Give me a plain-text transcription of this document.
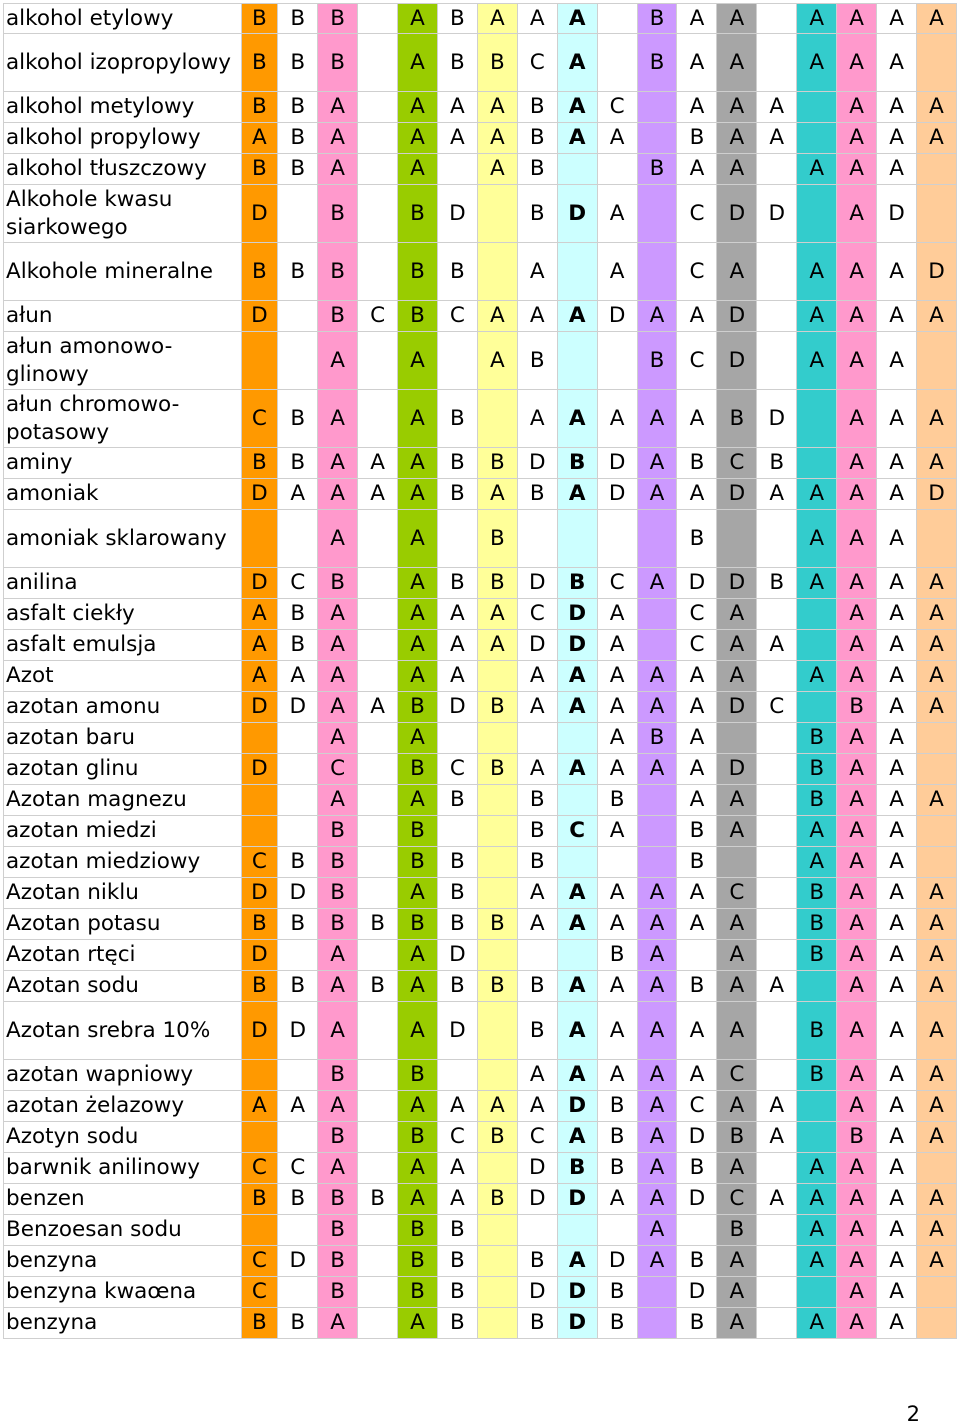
alkohol etylowy	B	B	B		A	B	A	A	A		B	A	A		A	A	A	A
alkohol izopropylowy	B	B	B		A	B	B	C	A		B	A	A		A	A	A	
alkohol metylowy	B	B	A		A	A	A	B	A	C		A	A	A		A	A	A
alkohol propylowy	A	B	A		A	A	A	B	A	A		B	A	A		A	A	A
alkohol tłuszczowy	B	B	A		A		A	B			B	A	A		A	A	A	
Alkohole kwasu siarkowego	D		B		B	D		B	D	A		C	D	D		A	D	
Alkohole mineralne	B	B	B		B	B		A		A		C	A		A	A	A	D
ałun	D		B	C	B	C	A	A	A	D	A	A	D		A	A	A	A
ałun amonowo-glinowy			A		A		A	B			B	C	D		A	A	A	
ałun chromowo-potasowy	C	B	A		A	B		A	A	A	A	A	B	D		A	A	A
aminy	B	B	A	A	A	B	B	D	B	D	A	B	C	B		A	A	A
amoniak	D	A	A	A	A	B	A	B	A	D	A	A	D	A	A	A	A	D
amoniak sklarowany			A		A		B					B			A	A	A	
anilina	D	C	B		A	B	B	D	B	C	A	D	D	B	A	A	A	A
asfalt ciekły	A	B	A		A	A	A	C	D	A		C	A			A	A	A
asfalt emulsja	A	B	A		A	A	A	D	D	A		C	A	A		A	A	A
Azot	A	A	A		A	A		A	A	A	A	A	A		A	A	A	A
azotan amonu	D	D	A	A	B	D	B	A	A	A	A	A	D	C		B	A	A
azotan baru			A		A					A	B	A			B	A	A	
azotan glinu	D		C		B	C	B	A	A	A	A	A	D		B	A	A	
Azotan magnezu			A		A	B		B		B		A	A		B	A	A	A
azotan miedzi			B		B			B	C	A		B	A		A	A	A	
azotan miedziowy	C	B	B		B	B		B				B			A	A	A	
Azotan niklu	D	D	B		A	B		A	A	A	A	A	C		B	A	A	A
Azotan potasu	B	B	B	B	B	B	B	A	A	A	A	A	A		B	A	A	A
Azotan rtęci	D		A		A	D				B	A		A		B	A	A	A
Azotan sodu	B	B	A	B	A	B	B	B	A	A	A	B	A	A		A	A	A
Azotan srebra 10%	D	D	A		A	D		B	A	A	A	A	A		B	A	A	A
azotan wapniowy			B		B			A	A	A	A	A	C		B	A	A	A
azotan żelazowy	A	A	A		A	A	A	A	D	B	A	C	A	A		A	A	A
Azotyn sodu			B		B	C	B	C	A	B	A	D	B	A		B	A	A
barwnik anilinowy	C	C	A		A	A		D	B	B	A	B	A		A	A	A	
benzen	B	B	B	B	A	A	B	D	D	A	A	D	C	A	A	A	A	A
Benzoesan sodu			B		B	B					A		B		A	A	A	A
benzyna	C	D	B		B	B		B	A	D	A	B	A		A	A	A	A
benzyna kwaœna	C		B		B	B		D	D	B		D	A			A	A	
benzyna	B	B	A		A	B		B	D	B		B	A		A	A	A	
2
